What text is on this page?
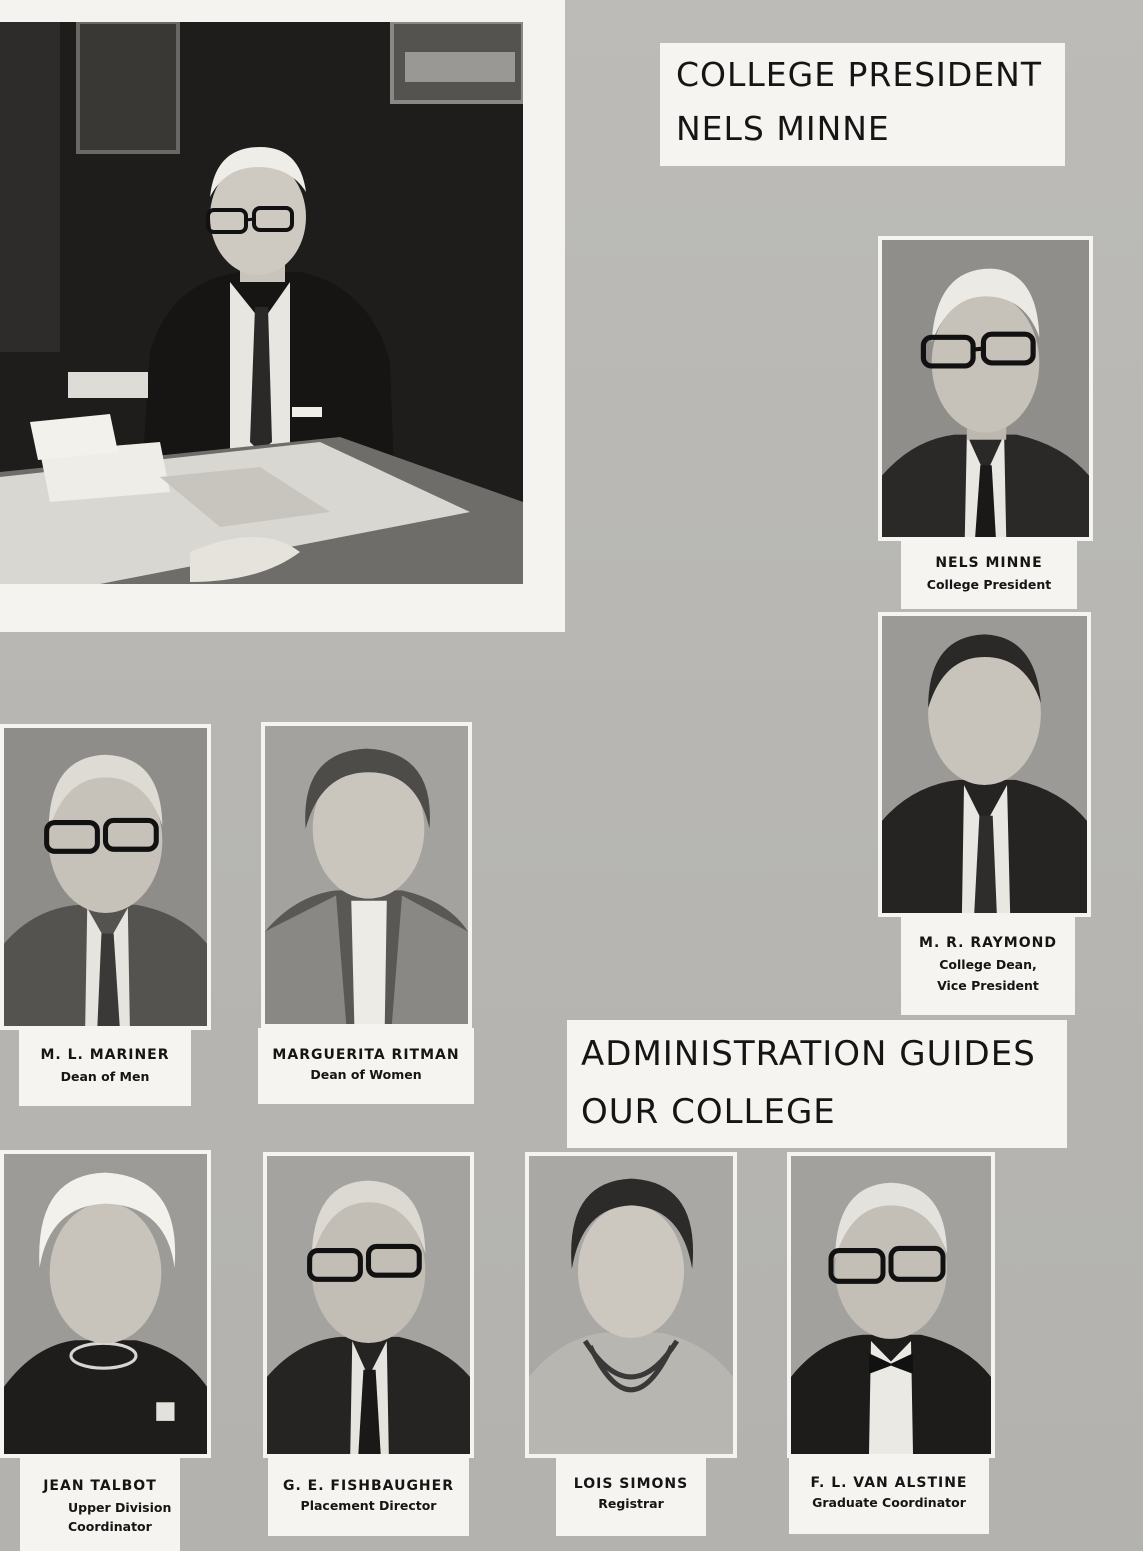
COLLEGE PRESIDENT
NELS MINNE
NELS MINNE
College President
M. R. RAYMOND
College Dean,
Vice President
M. L. MARINER
Dean of Men
MARGUERITA RITMAN
Dean of Women
ADMINISTRATION GUIDES
OUR COLLEGE
JEAN TALBOT
Upper Division
Coordinator
G. E. FISHBAUGHER
Placement Director
LOIS SIMONS
Registrar
F. L. VAN ALSTINE
Graduate Coordinator
